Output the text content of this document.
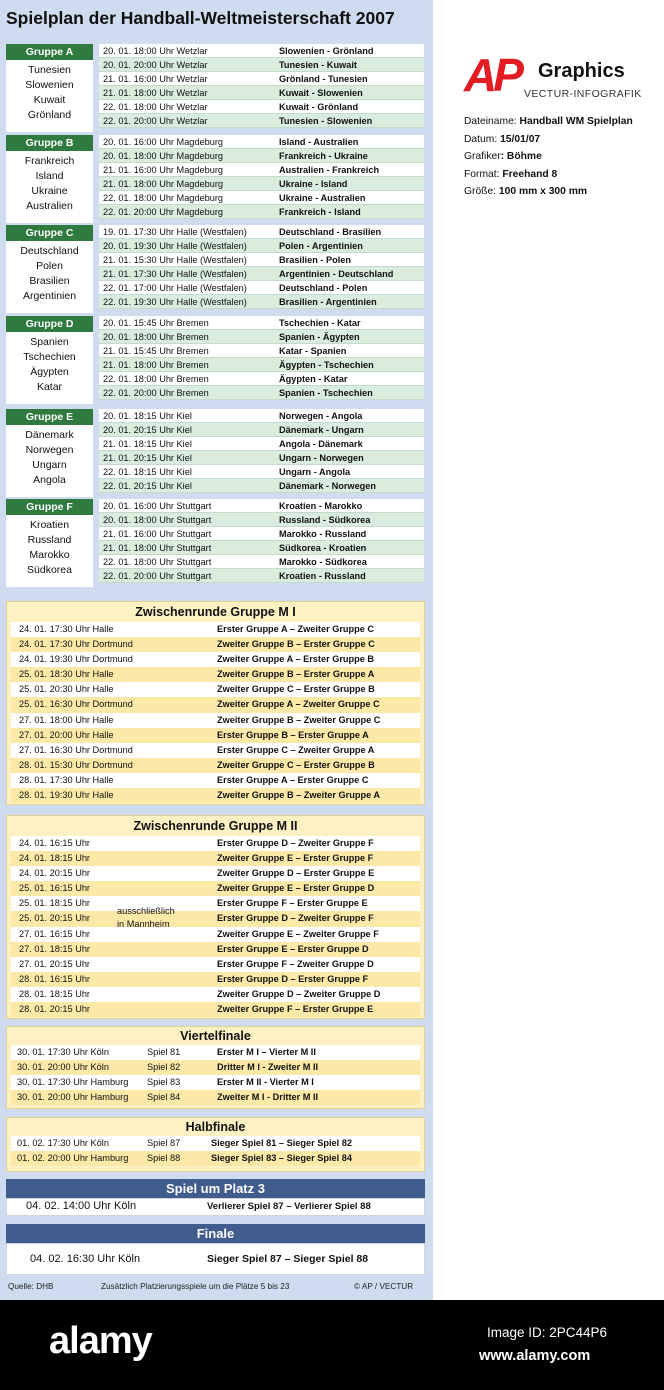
Spielplan der Handball-Weltmeisterschaft 2007
Gruppe A
Tunesien
Slowenien
Kuwait
Grönland
20. 01. 18:00 Uhr Wetzlar	Slowenien - Grönland
20. 01. 20:00 Uhr Wetzlar	Tunesien - Kuwait
21. 01. 16:00 Uhr Wetzlar	Grönland - Tunesien
21. 01. 18:00 Uhr Wetzlar	Kuwait - Slowenien
22. 01. 18:00 Uhr Wetzlar	Kuwait - Grönland
22. 01. 20:00 Uhr Wetzlar	Tunesien - Slowenien
Gruppe B
Frankreich
Island
Ukraine
Australien
20. 01. 16:00 Uhr Magdeburg	Island - Australien
20. 01. 18:00 Uhr Magdeburg	Frankreich - Ukraine
21. 01. 16:00 Uhr Magdeburg	Australien - Frankreich
21. 01. 18:00 Uhr Magdeburg	Ukraine - Island
22. 01. 18:00 Uhr Magdeburg	Ukraine - Australien
22. 01. 20:00 Uhr Magdeburg	Frankreich - Island
Gruppe C
Deutschland
Polen
Brasilien
Argentinien
19. 01. 17:30 Uhr Halle (Westfalen)	Deutschland - Brasilien
20. 01. 19:30 Uhr Halle (Westfalen)	Polen - Argentinien
21. 01. 15:30 Uhr Halle (Westfalen)	Brasilien - Polen
21. 01. 17:30 Uhr Halle (Westfalen)	Argentinien - Deutschland
22. 01. 17:00 Uhr Halle (Westfalen)	Deutschland - Polen
22. 01. 19:30 Uhr Halle (Westfalen)	Brasilien - Argentinien
Gruppe D
Spanien
Tschechien
Ägypten
Katar
20. 01. 15:45 Uhr Bremen	Tschechien - Katar
20. 01. 18:00 Uhr Bremen	Spanien - Ägypten
21. 01. 15:45 Uhr Bremen	Katar - Spanien
21. 01. 18:00 Uhr Bremen	Ägypten - Tschechien
22. 01. 18:00 Uhr Bremen	Ägypten - Katar
22. 01. 20:00 Uhr Bremen	Spanien - Tschechien
Gruppe E
Dänemark
Norwegen
Ungarn
Angola
20. 01. 18:15 Uhr Kiel	Norwegen - Angola
20. 01. 20:15 Uhr Kiel	Dänemark - Ungarn
21. 01. 18:15 Uhr Kiel	Angola - Dänemark
21. 01. 20:15 Uhr Kiel	Ungarn - Norwegen
22. 01. 18:15 Uhr Kiel	Ungarn - Angola
22. 01. 20:15 Uhr Kiel	Dänemark - Norwegen
Gruppe F
Kroatien
Russland
Marokko
Südkorea
20. 01. 16:00 Uhr Stuttgart	Kroatien - Marokko
20. 01. 18:00 Uhr Stuttgart	Russland - Südkorea
21. 01. 16:00 Uhr Stuttgart	Marokko - Russland
21. 01. 18:00 Uhr Stuttgart	Südkorea - Kroatien
22. 01. 18:00 Uhr Stuttgart	Marokko - Südkorea
22. 01. 20:00 Uhr Stuttgart	Kroatien - Russland
Zwischenrunde Gruppe M I
24. 01. 17:30 Uhr Halle	Erster Gruppe A – Zweiter Gruppe C
24. 01. 17:30 Uhr Dortmund	Zweiter Gruppe B – Erster Gruppe C
24. 01. 19:30 Uhr Dortmund	Zweiter Gruppe A – Erster Gruppe B
25. 01. 18:30 Uhr Halle	Zweiter Gruppe B – Erster Gruppe A
25. 01. 20:30 Uhr Halle	Zweiter Gruppe C – Erster Gruppe B
25. 01. 16:30 Uhr Dortmund	Zweiter Gruppe A – Zweiter Gruppe C
27. 01. 18:00 Uhr Halle	Zweiter Gruppe B – Zweiter Gruppe C
27. 01. 20:00 Uhr Halle	Erster Gruppe B – Erster Gruppe A
27. 01. 16:30 Uhr Dortmund	Erster Gruppe C – Zweiter Gruppe A
28. 01. 15:30 Uhr Dortmund	Zweiter Gruppe C – Erster Gruppe B
28. 01. 17:30 Uhr Halle	Erster Gruppe A – Erster Gruppe C
28. 01. 19:30 Uhr Halle	Zweiter Gruppe B – Zweiter Gruppe A
Zwischenrunde Gruppe M II
24. 01. 16:15 Uhr	Erster Gruppe D – Zweiter Gruppe F
24. 01. 18:15 Uhr	Zweiter Gruppe E – Erster Gruppe F
24. 01. 20:15 Uhr	Zweiter Gruppe D – Erster Gruppe E
25. 01. 16:15 Uhr	Zweiter Gruppe E – Erster Gruppe D
25. 01. 18:15 Uhr	Erster Gruppe F – Erster Gruppe E
25. 01. 20:15 Uhr	Erster Gruppe D – Zweiter Gruppe F
27. 01. 16:15 Uhr	Zweiter Gruppe E – Zweiter Gruppe F
27. 01. 18:15 Uhr	Erster Gruppe E – Erster Gruppe D
27. 01. 20:15 Uhr	Erster Gruppe F – Zweiter Gruppe D
28. 01. 16:15 Uhr	Erster Gruppe D – Erster Gruppe F
28. 01. 18:15 Uhr	Zweiter Gruppe D – Zweiter Gruppe D
28. 01. 20:15 Uhr	Zweiter Gruppe F – Erster Gruppe E
ausschließlich
in Mannheim
Viertelfinale
30. 01. 17:30 Uhr Köln	Spiel 81	Erster M I – Vierter M II
30. 01. 20:00 Uhr Köln	Spiel 82	Dritter M I - Zweiter M II
30. 01. 17:30 Uhr Hamburg Spiel 83	Erster M II - Vierter M I
30. 01. 20:00 Uhr Hamburg Spiel 84	Zweiter M I - Dritter M II
Halbfinale
01. 02. 17:30 Uhr Köln	Spiel 87	Sieger Spiel 81 – Sieger Spiel 82
01. 02. 20:00 Uhr Hamburg Spiel 88	Sieger Spiel 83 – Sieger Spiel 84
Spiel um Platz 3
04. 02. 14:00 Uhr Köln	Verlierer Spiel 87 – Verlierer Spiel 88
Finale
04. 02. 16:30 Uhr Köln	Sieger Spiel 87 – Sieger Spiel 88
Quelle: DHB	Zusätzlich Platzierungsspiele um die Plätze 5 bis 23	© AP / VECTUR
AP Graphics
VECTUR-INFOGRAFIK
Dateiname: Handball WM Spielplan
Datum: 15/01/07
Grafiker: Böhme
Format: Freehand 8
Größe: 100 mm x 300 mm
alamy	Image ID: 2PC44P6
www.alamy.com
